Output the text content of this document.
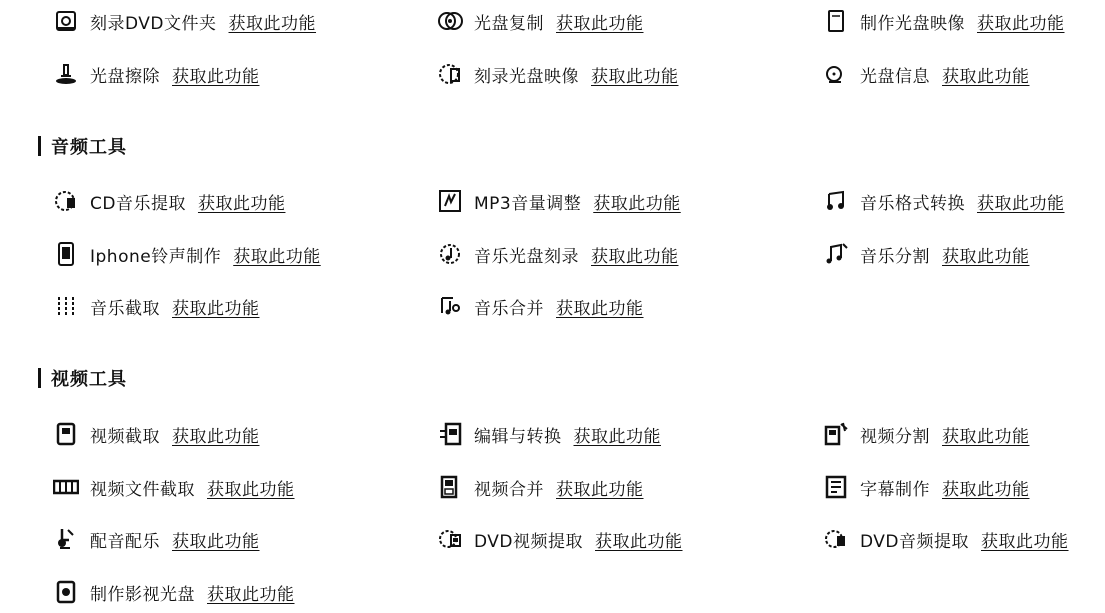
刻录DVD文件夹 获取此功能	光盘复制 获取此功能	制作光盘映像 获取此功能
光盘擦除 获取此功能	刻录光盘映像 获取此功能	光盘信息 获取此功能
音频工具
CD音乐提取 获取此功能	MP3音量调整 获取此功能	音乐格式转换 获取此功能
Iphone铃声制作 获取此功能	音乐光盘刻录 获取此功能	音乐分割 获取此功能
音乐截取 获取此功能	音乐合并 获取此功能
视频工具
视频截取 获取此功能	编辑与转换 获取此功能	视频分割 获取此功能
视频文件截取 获取此功能	视频合并 获取此功能	字幕制作 获取此功能
配音配乐 获取此功能	DVD视频提取 获取此功能	DVD音频提取 获取此功能
制作影视光盘 获取此功能
